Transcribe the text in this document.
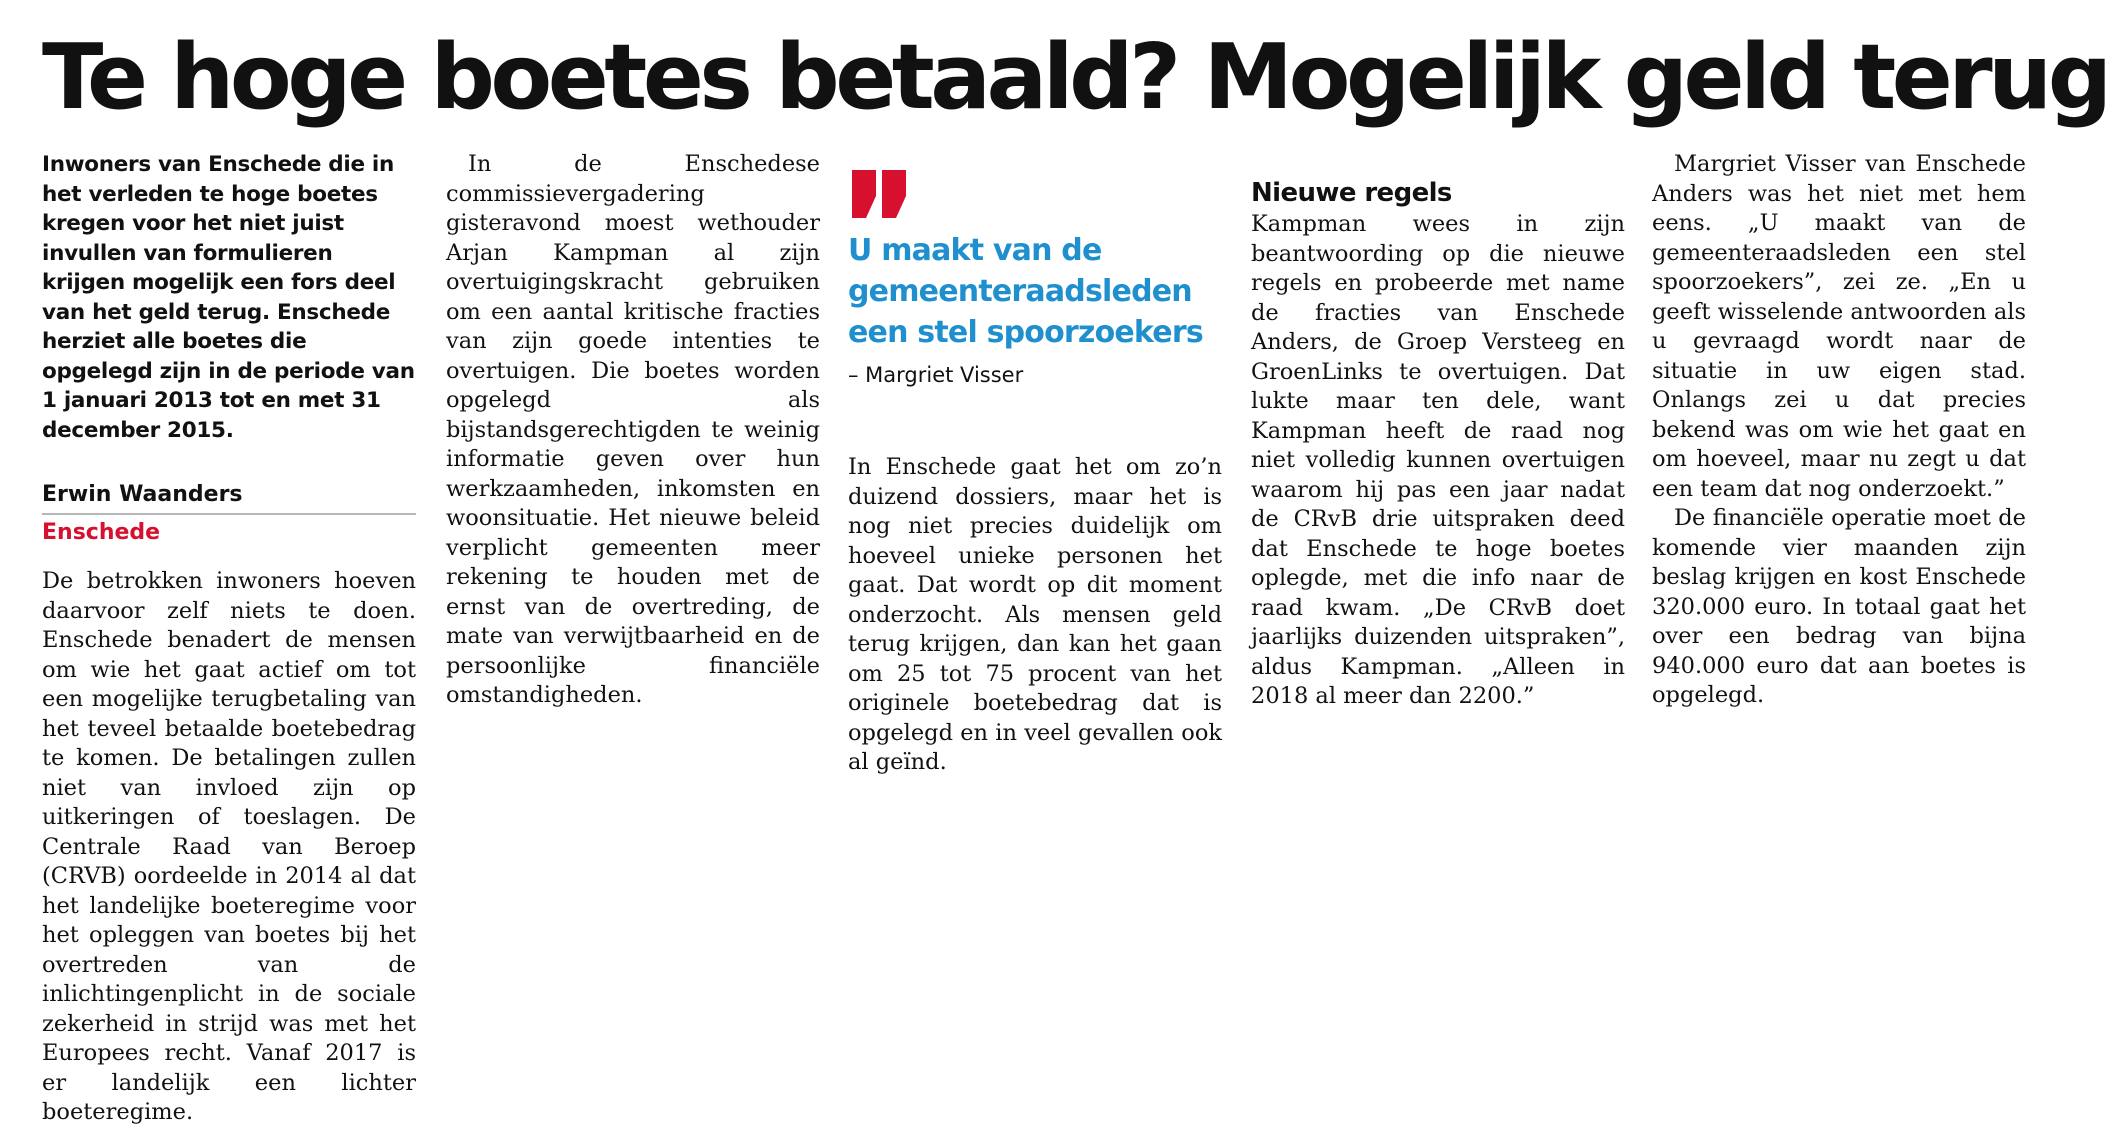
Te hoge boetes betaald? Mogelijk geld terug

Inwoners van Enschede die in het verleden te hoge boetes kregen voor het niet juist invullen van formulieren krijgen mogelijk een fors deel van het geld terug. Enschede herziet alle boetes die opgelegd zijn in de periode van 1 januari 2013 tot en met 31 december 2015.

Erwin Waanders
Enschede

De betrokken inwoners hoeven daarvoor zelf niets te doen. Enschede benadert de mensen om wie het gaat actief om tot een mogelijke terugbetaling van het teveel betaalde boetebedrag te komen. De betalingen zullen niet van invloed zijn op uitkeringen of toeslagen. De Centrale Raad van Beroep (CRVB) oordeelde in 2014 al dat het landelijke boeteregime voor het opleggen van boetes bij het overtreden van de inlichtingenplicht in de sociale zekerheid in strijd was met het Europees recht. Vanaf 2017 is er landelijk een lichter boeteregime.

In de Enschedese commissievergadering gisteravond moest wethouder Arjan Kampman al zijn overtuigingskracht gebruiken om een aantal kritische fracties van zijn goede intenties te overtuigen. Die boetes worden opgelegd als bijstandsgerechtigden te weinig informatie geven over hun werkzaamheden, inkomsten en woonsituatie. Het nieuwe beleid verplicht gemeenten meer rekening te houden met de ernst van de overtreding, de mate van verwijtbaarheid en de persoonlijke financiële omstandigheden.

U maakt van de gemeenteraadsleden een stel spoorzoekers
– Margriet Visser

In Enschede gaat het om zo’n duizend dossiers, maar het is nog niet precies duidelijk om hoeveel unieke personen het gaat. Dat wordt op dit moment onderzocht. Als mensen geld terug krijgen, dan kan het gaan om 25 tot 75 procent van het originele boetebedrag dat is opgelegd en in veel gevallen ook al geïnd.

Nieuwe regels

Kampman wees in zijn beantwoording op die nieuwe regels en probeerde met name de fracties van Enschede Anders, de Groep Versteeg en GroenLinks te overtuigen. Dat lukte maar ten dele, want Kampman heeft de raad nog niet volledig kunnen overtuigen waarom hij pas een jaar nadat de CRvB drie uitspraken deed dat Enschede te hoge boetes oplegde, met die info naar de raad kwam. „De CRvB doet jaarlijks duizenden uitspraken”, aldus Kampman. „Alleen in 2018 al meer dan 2200.”

Margriet Visser van Enschede Anders was het niet met hem eens. „U maakt van de gemeenteraadsleden een stel spoorzoekers”, zei ze. „En u geeft wisselende antwoorden als u gevraagd wordt naar de situatie in uw eigen stad. Onlangs zei u dat precies bekend was om wie het gaat en om hoeveel, maar nu zegt u dat een team dat nog onderzoekt.”

De financiële operatie moet de komende vier maanden zijn beslag krijgen en kost Enschede 320.000 euro. In totaal gaat het over een bedrag van bijna 940.000 euro dat aan boetes is opgelegd.
